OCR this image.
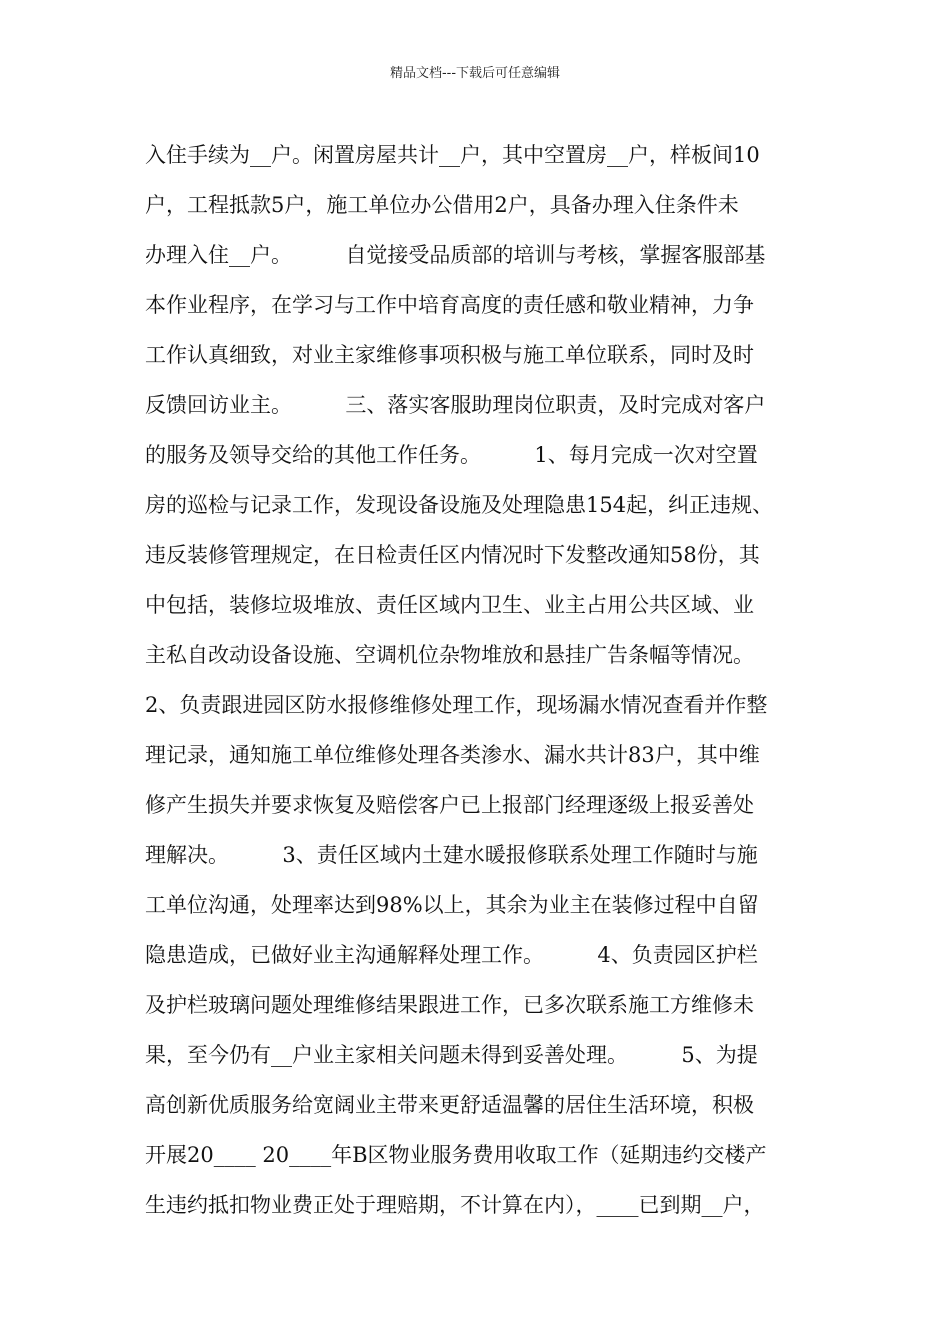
精品文档---下载后可任意编辑
入住手续为__户。闲置房屋共计__户，其中空置房__户，样板间10
户，工程抵款5户，施工单位办公借用2户，具备办理入住条件未
办理入住__户。        自觉接受品质部的培训与考核，掌握客服部基
本作业程序，在学习与工作中培育高度的责任感和敬业精神，力争
工作认真细致，对业主家维修事项积极与施工单位联系，同时及时
反馈回访业主。        三、落实客服助理岗位职责，及时完成对客户
的服务及领导交给的其他工作任务。        1、每月完成一次对空置
房的巡检与记录工作，发现设备设施及处理隐患154起，纠正违规、
违反装修管理规定，在日检责任区内情况时下发整改通知58份，其
中包括，装修垃圾堆放、责任区域内卫生、业主占用公共区域、业
主私自改动设备设施、空调机位杂物堆放和悬挂广告条幅等情况。
2、负责跟进园区防水报修维修处理工作，现场漏水情况查看并作整
理记录，通知施工单位维修处理各类渗水、漏水共计83户，其中维
修产生损失并要求恢复及赔偿客户已上报部门经理逐级上报妥善处
理解决。        3、责任区域内土建水暖报修联系处理工作随时与施
工单位沟通，处理率达到98%以上，其余为业主在装修过程中自留
隐患造成，已做好业主沟通解释处理工作。        4、负责园区护栏
及护栏玻璃问题处理维修结果跟进工作，已多次联系施工方维修未
果，至今仍有__户业主家相关问题未得到妥善处理。        5、为提
高创新优质服务给宽阔业主带来更舒适温馨的居住生活环境，积极
开展20____ 20____年B区物业服务费用收取工作（延期违约交楼产
生违约抵扣物业费正处于理赔期，不计算在内），____已到期__户，
